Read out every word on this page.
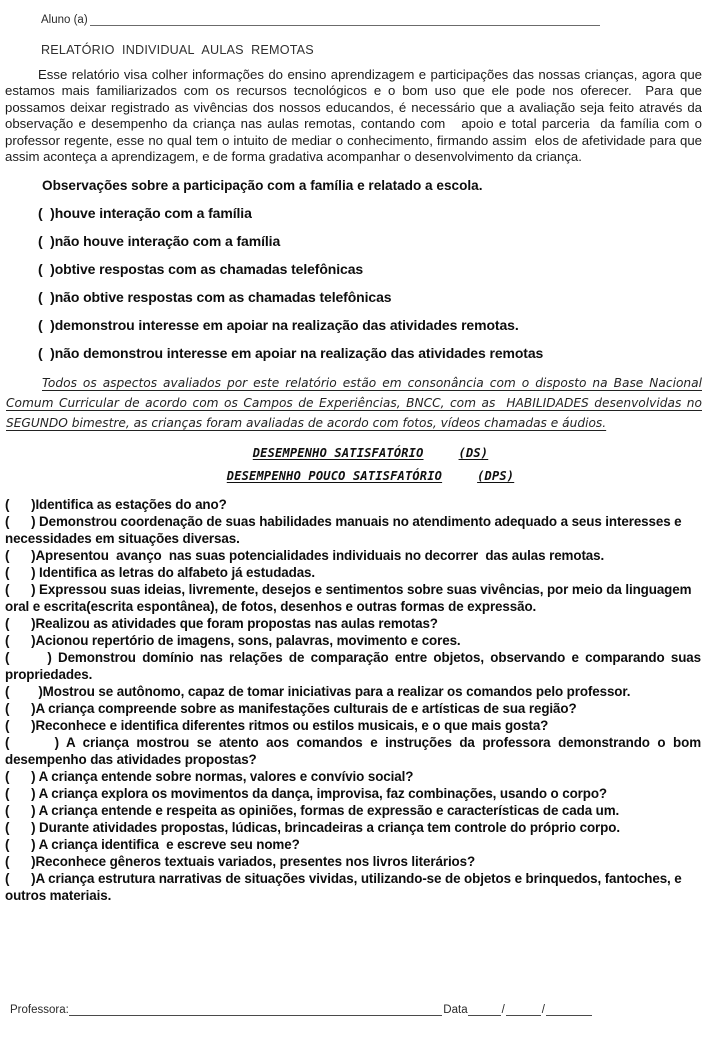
Aluno (a)
RELATÓRIO  INDIVIDUAL  AULAS  REMOTAS

Esse relatório visa colher informações do ensino aprendizagem e participações das nossas crianças, agora que estamos mais familiarizados com os recursos tecnológicos e o bom uso que ele pode nos oferecer.  Para que possamos deixar registrado as vivências dos nossos educandos, é necessário que a avaliação seja feito através da observação e desempenho da criança nas aulas remotas, contando com   apoio e total parceria  da família com o professor regente, esse no qual tem o intuito de mediar o conhecimento, firmando assim  elos de afetividade para que assim aconteça a aprendizagem, e de forma gradativa acompanhar o desenvolvimento da criança.

Observações sobre a participação com a família e relatado a escola.
(  )houve interação com a família
(  )não houve interação com a família
(  )obtive respostas com as chamadas telefônicas
(  )não obtive respostas com as chamadas telefônicas
(  )demonstrou interesse em apoiar na realização das atividades remotas.
(  )não demonstrou interesse em apoiar na realização das atividades remotas

Todos os aspectos avaliados por este relatório estão em consonância com o disposto na Base Nacional Comum Curricular de acordo com os Campos de Experiências, BNCC, com as  HABILIDADES desenvolvidas no SEGUNDO bimestre, as crianças foram avaliadas de acordo com fotos, vídeos chamadas e áudios.

DESEMPENHO SATISFATÓRIO	(DS)
DESEMPENHO POUCO SATISFATÓRIO	(DPS)
(      )Identifica as estações do ano?
(      ) Demonstrou coordenação de suas habilidades manuais no atendimento adequado a seus interesses e necessidades em situações diversas.
(      )Apresentou  avanço  nas suas potencialidades individuais no decorrer  das aulas remotas.
(      ) Identifica as letras do alfabeto já estudadas.
(      ) Expressou suas ideias, livremente, desejos e sentimentos sobre suas vivências, por meio da linguagem oral e escrita(escrita espontânea), de fotos, desenhos e outras formas de expressão.
(      )Realizou as atividades que foram propostas nas aulas remotas?
(      )Acionou repertório de imagens, sons, palavras, movimento e cores.
(      ) Demonstrou domínio nas relações de comparação entre objetos, observando e comparando suas propriedades.
(        )Mostrou se autônomo, capaz de tomar iniciativas para a realizar os comandos pelo professor.
(      )A criança compreende sobre as manifestações culturais de e artísticas de sua região?
(      )Reconhece e identifica diferentes ritmos ou estilos musicais, e o que mais gosta?
(      ) A criança mostrou se atento aos comandos e instruções da professora demonstrando o bom desempenho das atividades propostas?
(      ) A criança entende sobre normas, valores e convívio social?
(      ) A criança explora os movimentos da dança, improvisa, faz combinações, usando o corpo?
(      ) A criança entende e respeita as opiniões, formas de expressão e características de cada um.
(      ) Durante atividades propostas, lúdicas, brincadeiras a criança tem controle do próprio corpo.
(      ) A criança identifica  e escreve seu nome?
(      )Reconhece gêneros textuais variados, presentes nos livros literários?
(      )A criança estrutura narrativas de situações vividas, utilizando-se de objetos e brinquedos, fantoches, e outros materiais.
Professora:	Data	/	/
